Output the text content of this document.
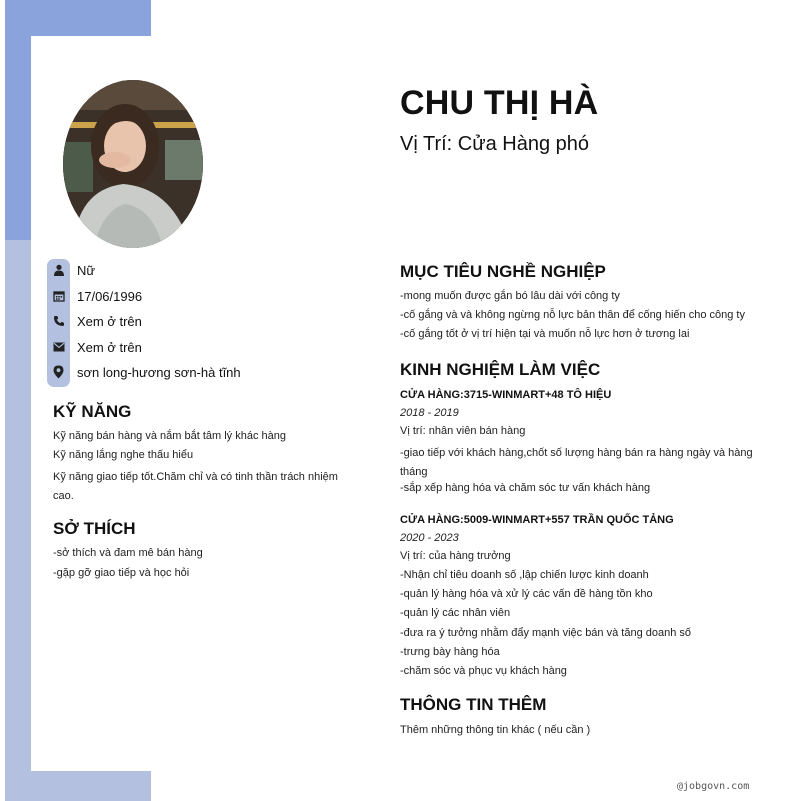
CHU THỊ HÀ
Vị Trí: Cửa Hàng phó
Nữ
17/06/1996
Xem ở trên
Xem ở trên
sơn long-hương sơn-hà tĩnh
KỸ NĂNG
Kỹ năng bán hàng và nắm bắt tâm lý khác hàng
Kỹ năng lắng nghe thấu hiểu
Kỹ năng giao tiếp tốt.Chăm chỉ và có tinh thần trách nhiệm cao.
SỞ THÍCH
-sở thích và đam mê bán hàng
-gặp gỡ giao tiếp và học hỏi
MỤC TIÊU NGHỀ NGHIỆP
-mong muốn được gắn bó lâu dài với công ty
-cố gắng và và không ngừng nỗ lực bản thân để cống hiến cho công ty
-cố gắng tốt ở vị trí hiện tại và muốn nỗ lực hơn ở tương lai
KINH NGHIỆM LÀM VIỆC
CỬA HÀNG:3715-WINMART+48 TÔ HIỆU
2018 - 2019
Vị trí: nhân viên bán hàng
-giao tiếp với khách hàng,chốt số lượng hàng bán ra hàng ngày và hàng tháng
-sắp xếp hàng hóa và chăm sóc tư vấn khách hàng
CỬA HÀNG:5009-WINMART+557 TRẦN QUỐC TẢNG
2020 - 2023
Vị trí: của hàng trưởng
-Nhận chỉ tiêu doanh số ,lập chiến lược kinh doanh
-quản lý hàng hóa và xử lý các vấn đề hàng tồn kho
-quản lý các nhân viên
-đưa ra ý tưởng nhằm đẩy mạnh việc bán và tăng doanh số
-trưng bày hàng hóa
-chăm sóc và phục vụ khách hàng
THÔNG TIN THÊM
Thêm những thông tin khác ( nếu cần )
@jobgovn.com
